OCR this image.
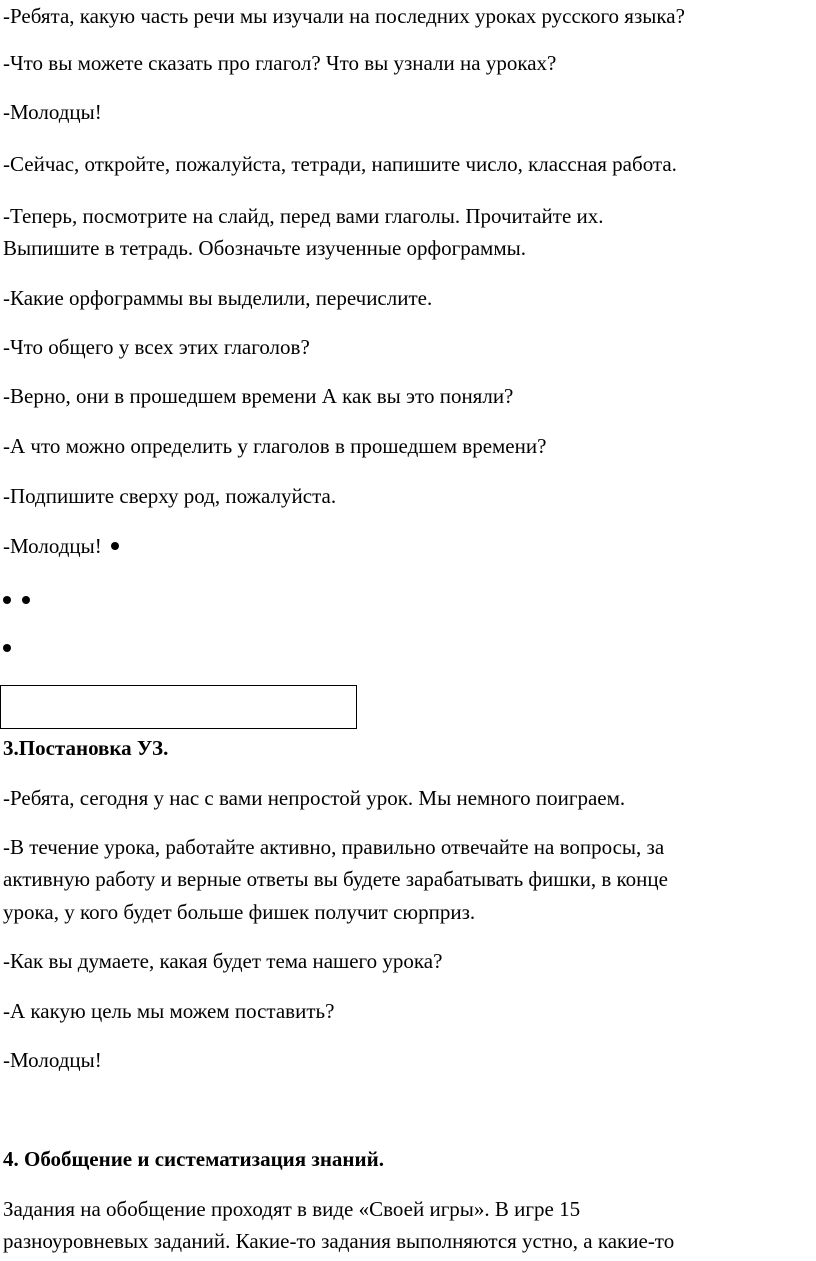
-Ребята, какую часть речи мы изучали на последних уроках русского языка?

-Что вы можете сказать про глагол? Что вы узнали на уроках?

-Молодцы!

-Сейчас, откройте, пожалуйста, тетради, напишите число, классная работа.

-Теперь, посмотрите на слайд, перед вами глаголы. Прочитайте их.

Выпишите в тетрадь. Обозначьте изученные орфограммы.

-Какие орфограммы вы выделили, перечислите.

-Что общего у всех этих глаголов?

-Верно, они в прошедшем времени А как вы это поняли?

-А что можно определить у глаголов в прошедшем времени?

-Подпишите сверху род, пожалуйста.

-Молодцы!

3.Постановка УЗ.

-Ребята, сегодня у нас с вами непростой урок. Мы немного поиграем.

-В течение урока, работайте активно, правильно отвечайте на вопросы, за

активную работу и верные ответы вы будете зарабатывать фишки, в конце

урока, у кого будет больше фишек получит сюрприз.

-Как вы думаете, какая будет тема нашего урока?

-А какую цель мы можем поставить?

-Молодцы!

4. Обобщение и систематизация знаний.

Задания на обобщение проходят в виде «Своей игры». В игре 15

разноуровневых заданий. Какие-то задания выполняются устно, а какие-то
